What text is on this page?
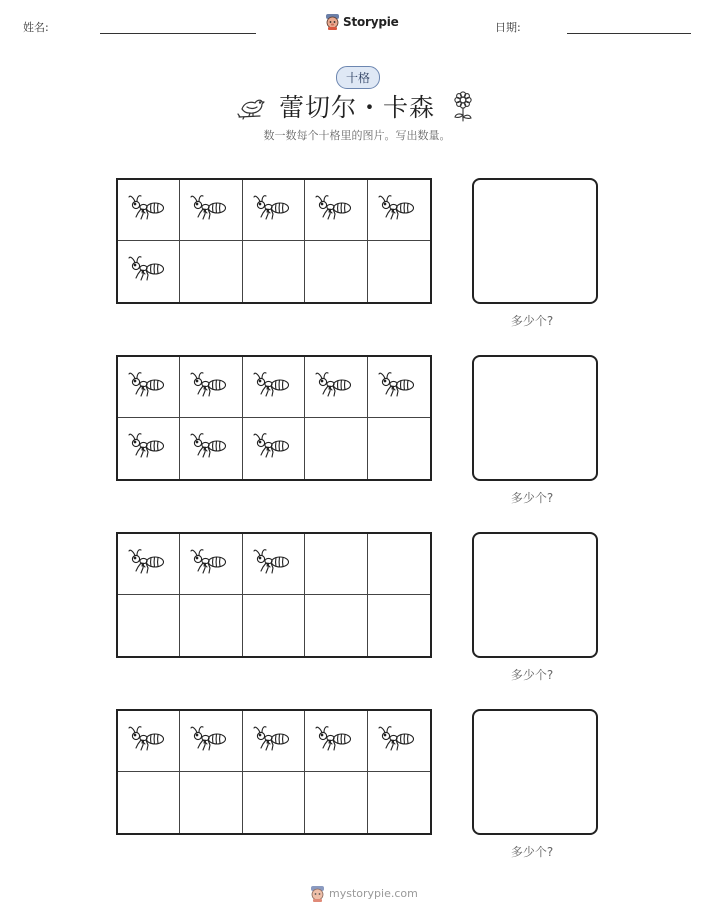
姓名:	Storypie	日期:
十格
蕾切尔・卡森
数一数每个十格里的图片。写出数量。
多少个?
多少个?
多少个?
多少个?
mystorypie.com
